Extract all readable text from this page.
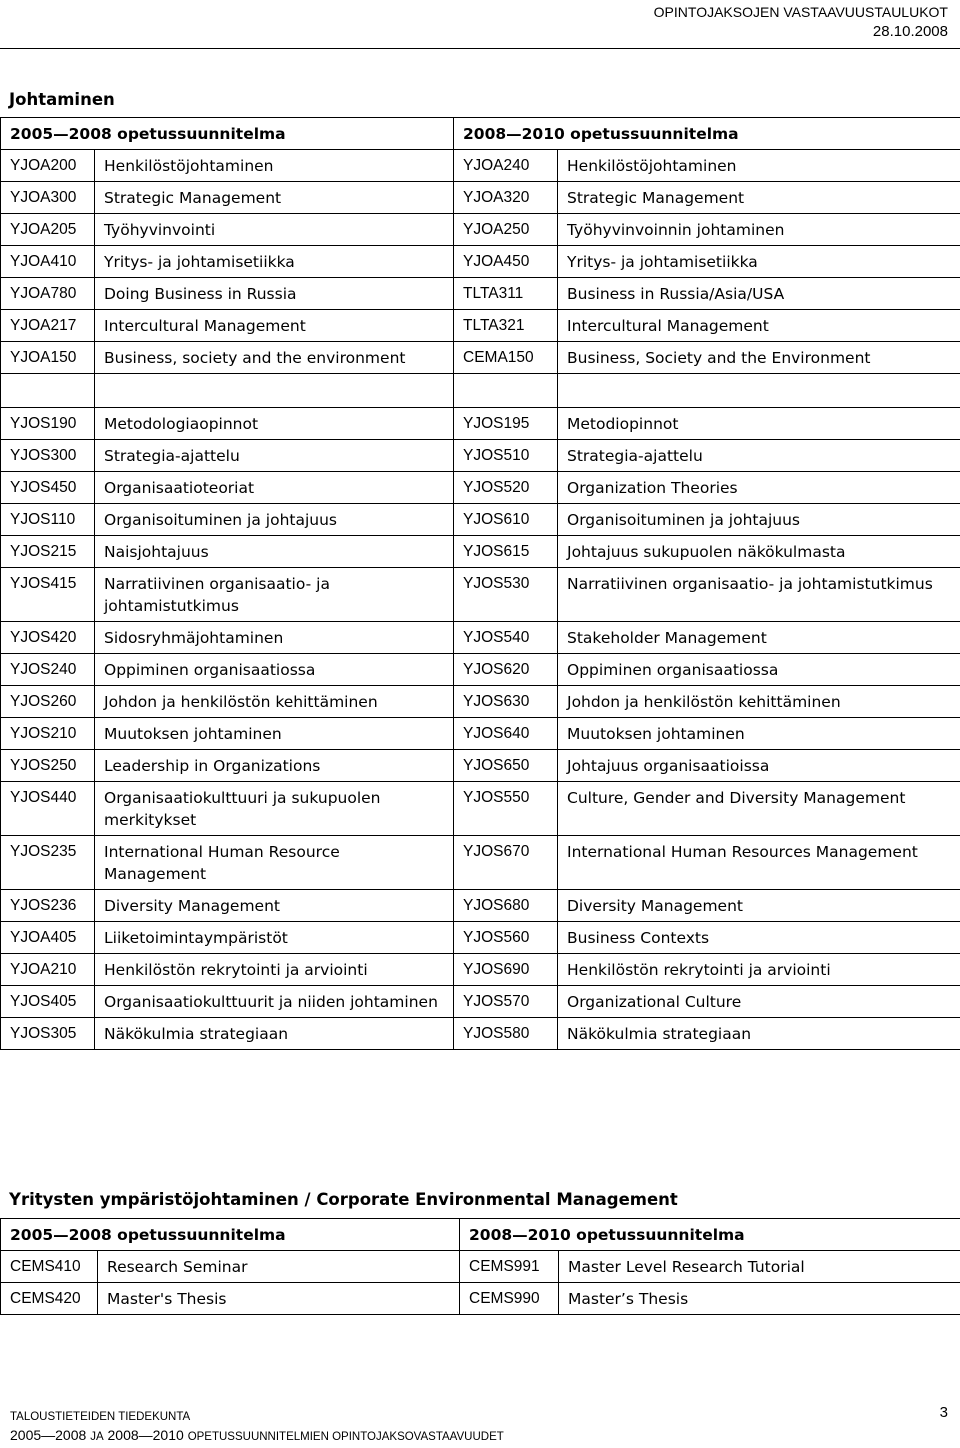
OPINTOJAKSOJEN VASTAAVUUSTAULUKOT
28.10.2008
Johtaminen
2005—2008 opetussuunnitelma		2008—2010 opetussuunnitelma	
YJOA200	Henkilöstöjohtaminen	YJOA240	Henkilöstöjohtaminen
YJOA300	Strategic Management	YJOA320	Strategic Management
YJOA205	Työhyvinvointi	YJOA250	Työhyvinvoinnin johtaminen
YJOA410	Yritys- ja johtamisetiikka	YJOA450	Yritys- ja johtamisetiikka
YJOA780	Doing Business in Russia	TLTA311	Business in Russia/Asia/USA
YJOA217	Intercultural Management	TLTA321	Intercultural Management
YJOA150	Business, society and the environment	CEMA150	Business, Society and the Environment

YJOS190	Metodologiaopinnot	YJOS195	Metodiopinnot
YJOS300	Strategia-ajattelu	YJOS510	Strategia-ajattelu
YJOS450	Organisaatioteoriat	YJOS520	Organization Theories
YJOS110	Organisoituminen ja johtajuus	YJOS610	Organisoituminen ja johtajuus
YJOS215	Naisjohtajuus	YJOS615	Johtajuus sukupuolen näkökulmasta
YJOS415	Narratiivinen organisaatio- ja johtamistutkimus	YJOS530	Narratiivinen organisaatio- ja johtamistutkimus
YJOS420	Sidosryhmäjohtaminen	YJOS540	Stakeholder Management
YJOS240	Oppiminen organisaatiossa	YJOS620	Oppiminen organisaatiossa
YJOS260	Johdon ja henkilöstön kehittäminen	YJOS630	Johdon ja henkilöstön kehittäminen
YJOS210	Muutoksen johtaminen	YJOS640	Muutoksen johtaminen
YJOS250	Leadership in Organizations	YJOS650	Johtajuus organisaatioissa
YJOS440	Organisaatiokulttuuri ja sukupuolen merkitykset	YJOS550	Culture, Gender and Diversity Management
YJOS235	International Human Resource Management	YJOS670	International Human Resources Management
YJOS236	Diversity Management	YJOS680	Diversity Management
YJOA405	Liiketoimintaympäristöt	YJOS560	Business Contexts
YJOA210	Henkilöstön rekrytointi ja arviointi	YJOS690	Henkilöstön rekrytointi ja arviointi
YJOS405	Organisaatiokulttuurit ja niiden johtaminen	YJOS570	Organizational Culture
YJOS305	Näkökulmia strategiaan	YJOS580	Näkökulmia strategiaan
Yritysten ympäristöjohtaminen / Corporate Environmental Management
2005—2008 opetussuunnitelma		2008—2010 opetussuunnitelma	
CEMS410	Research Seminar	CEMS991	Master Level Research Tutorial
CEMS420	Master's Thesis	CEMS990	Master’s Thesis
TALOUSTIETEIDEN TIEDEKUNTA
2005—2008 JA 2008—2010 OPETUSSUUNNITELMIEN OPINTOJAKSOVASTAAVUUDET
3
